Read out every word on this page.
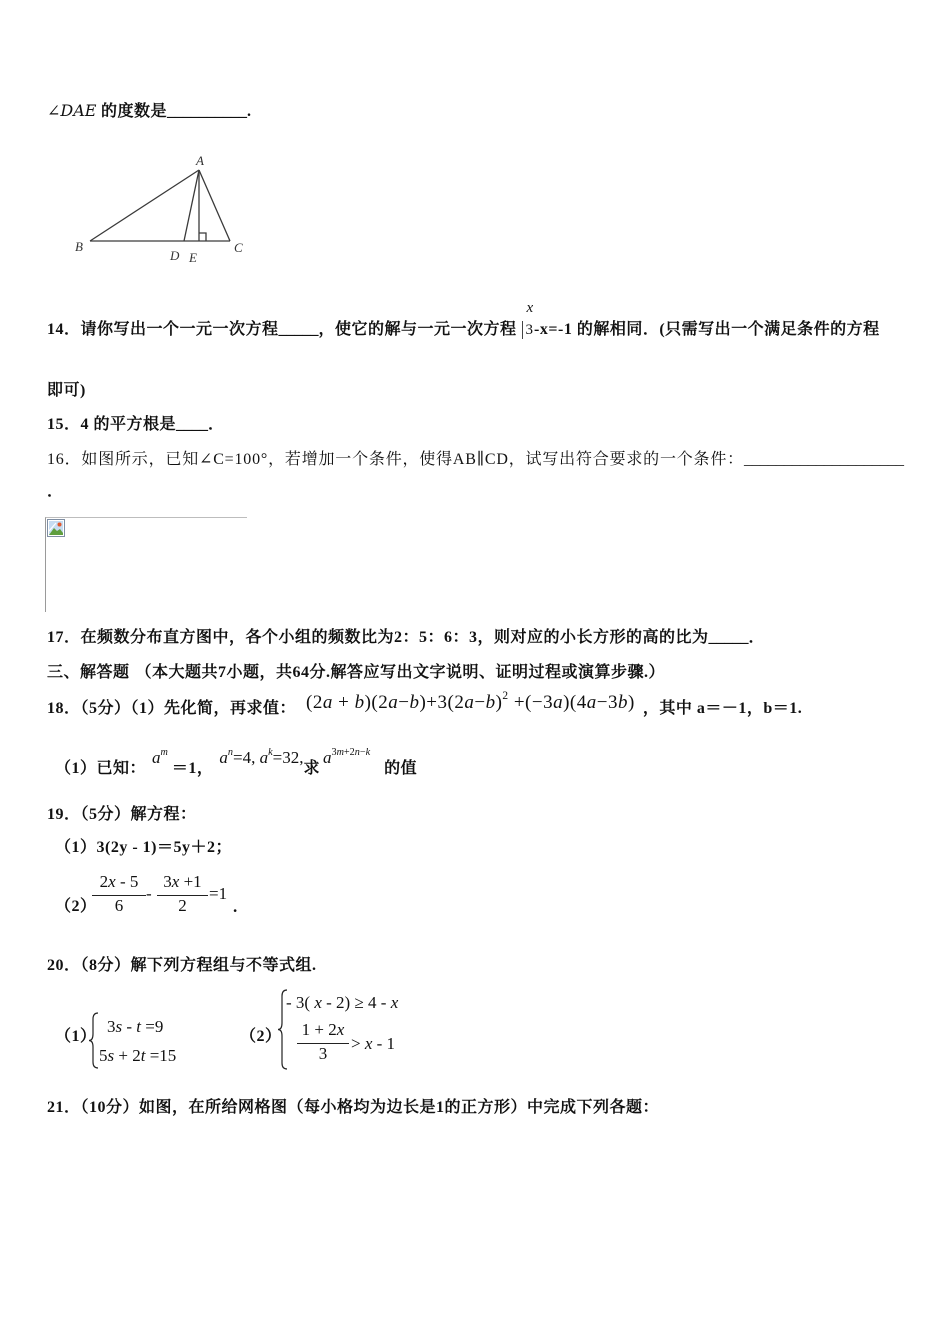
∠DAE 的度数是__________.
A
B	C
D E
14．请你写出一个一元一次方程_____，使它的解与一元一次方程
x
3-x=-1 的解相同．(只需写出一个满足条件的方程
即可)
15．4 的平方根是____．
16．如图所示，已知∠C=100°，若增加一个条件，使得AB∥CD，试写出符合要求的一个条件：____________________
．
17．在频数分布直方图中，各个小组的频数比为2：5：6：3，则对应的小长方形的高的比为_____．
三、解答题 （本大题共7小题，共64分.解答应写出文字说明、证明过程或演算步骤.）
18．（5分）（1）先化简，再求值： $(2a + b)(2a-b)+3(2a-b)^2 +(-3a)(4a-3b)$ ，其中 a＝－1，b＝1.
（1）已知：$a^m=1$，$a^n=4$, $a^k=32$,求$a^{3m+2n-k}$的值
19．（5分）解方程：
（1）3(2y - 1)＝5y＋2；
（2）
$\frac{2x - 5}{6} - \frac{3x +1}{2} =1$
.
20．（8分）解下列方程组与不等式组.
（1）
3s - t =9
5s + 2t =15
（2）
- 3( x - 2) ≥ 4 - x
$\frac{1 + 2x}{3} > x - 1$
21．（10分）如图，在所给网格图（每小格均为边长是1的正方形）中完成下列各题：
